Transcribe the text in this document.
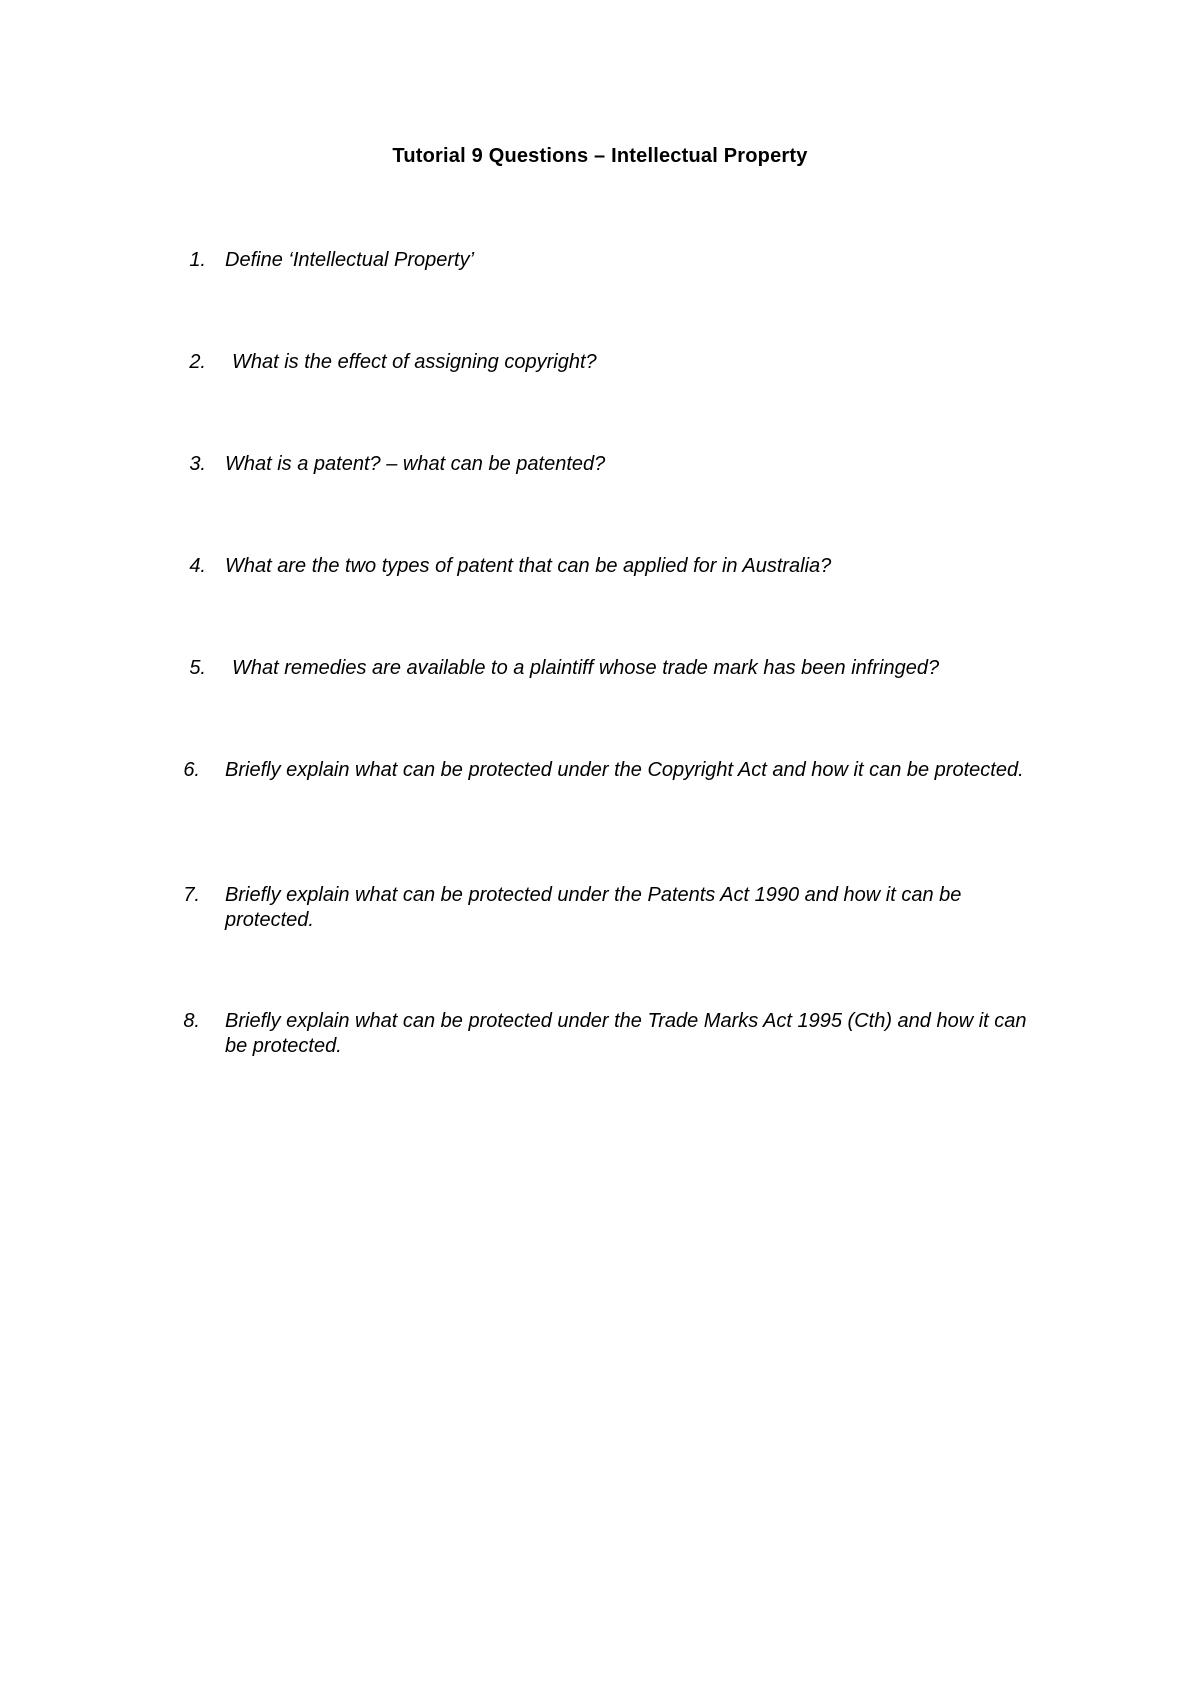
Tutorial 9 Questions – Intellectual Property
1. Define ‘Intellectual Property’
2. What is the effect of assigning copyright?
3. What is a patent? – what can be patented?
4. What are the two types of patent that can be applied for in Australia?
5. What remedies are available to a plaintiff whose trade mark has been infringed?
6. Briefly explain what can be protected under the Copyright Act and how it can be protected.
7. Briefly explain what can be protected under the Patents Act 1990 and how it can be protected.
8. Briefly explain what can be protected under the Trade Marks Act 1995 (Cth) and how it can be protected.
